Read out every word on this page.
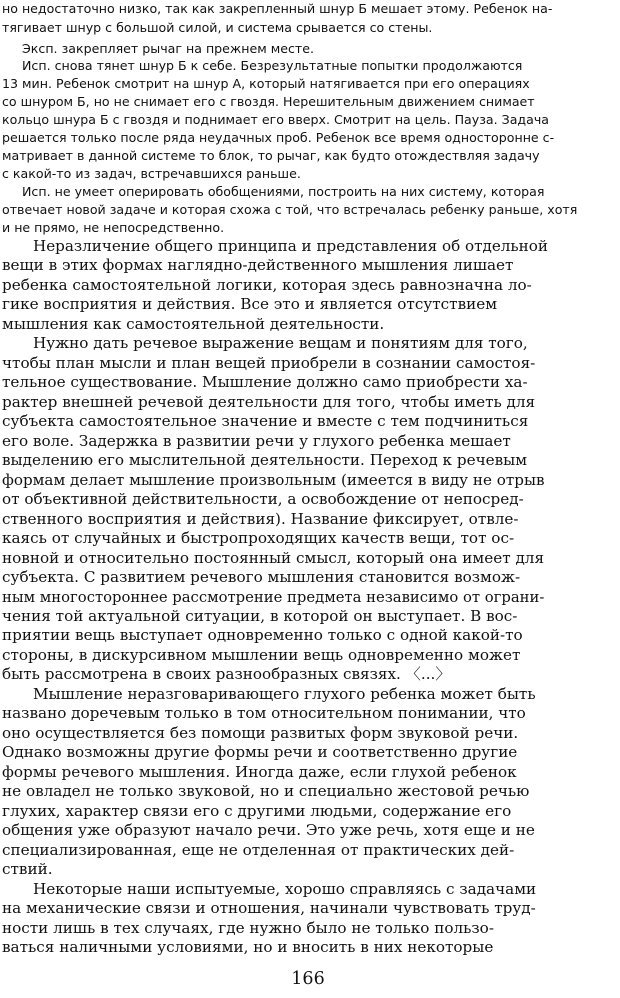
но недостаточно низко, так как закрепленный шнур Б мешает этому. Ребенок на-
тягивает шнур с большой силой, и система срывается со стены.
Эксп. закрепляет рычаг на прежнем месте.
Исп. снова тянет шнур Б к себе. Безрезультатные попытки продолжаются
13 мин. Ребенок смотрит на шнур А, который натягивается при его операциях
со шнуром Б, но не снимает его с гвоздя. Нерешительным движением снимает
кольцо шнура Б с гвоздя и поднимает его вверх. Смотрит на цель. Пауза. Задача
решается только после ряда неудачных проб. Ребенок все время односторонне с-
матривает в данной системе то блок, то рычаг, как будто отождествляя задачу
с какой-то из задач, встречавшихся раньше.
Исп. не умеет оперировать обобщениями, построить на них систему, которая
отвечает новой задаче и которая схожа с той, что встречалась ребенку раньше, хотя
и не прямо, не непосредственно.
Неразличение общего принципа и представления об отдельной
вещи в этих формах наглядно-действенного мышления лишает
ребенка самостоятельной логики, которая здесь равнозначна ло-
гике восприятия и действия. Все это и является отсутствием
мышления как самостоятельной деятельности.
Нужно дать речевое выражение вещам и понятиям для того,
чтобы план мысли и план вещей приобрели в сознании самостоя-
тельное существование. Мышление должно само приобрести ха-
рактер внешней речевой деятельности для того, чтобы иметь для
субъекта самостоятельное значение и вместе с тем подчиниться
его воле. Задержка в развитии речи у глухого ребенка мешает
выделению его мыслительной деятельности. Переход к речевым
формам делает мышление произвольным (имеется в виду не отрыв
от объективной действительности, а освобождение от непосред-
ственного восприятия и действия). Название фиксирует, отвле-
каясь от случайных и быстропроходящих качеств вещи, тот ос-
новной и относительно постоянный смысл, который она имеет для
субъекта. С развитием речевого мышления становится возмож-
ным многостороннее рассмотрение предмета независимо от ограни-
чения той актуальной ситуации, в которой он выступает. В вос-
приятии вещь выступает одновременно только с одной какой-то
стороны, в дискурсивном мышлении вещь одновременно может
быть рассмотрена в своих разнообразных связях. 〈...〉
Мышление неразговаривающего глухого ребенка может быть
названо доречевым только в том относительном понимании, что
оно осуществляется без помощи развитых форм звуковой речи.
Однако возможны другие формы речи и соответственно другие
формы речевого мышления. Иногда даже, если глухой ребенок
не овладел не только звуковой, но и специально жестовой речью
глухих, характер связи его с другими людьми, содержание его
общения уже образуют начало речи. Это уже речь, хотя еще и не
специализированная, еще не отделенная от практических дей-
ствий.
Некоторые наши испытуемые, хорошо справляясь с задачами
на механические связи и отношения, начинали чувствовать труд-
ности лишь в тех случаях, где нужно было не только пользо-
ваться наличными условиями, но и вносить в них некоторые
166
